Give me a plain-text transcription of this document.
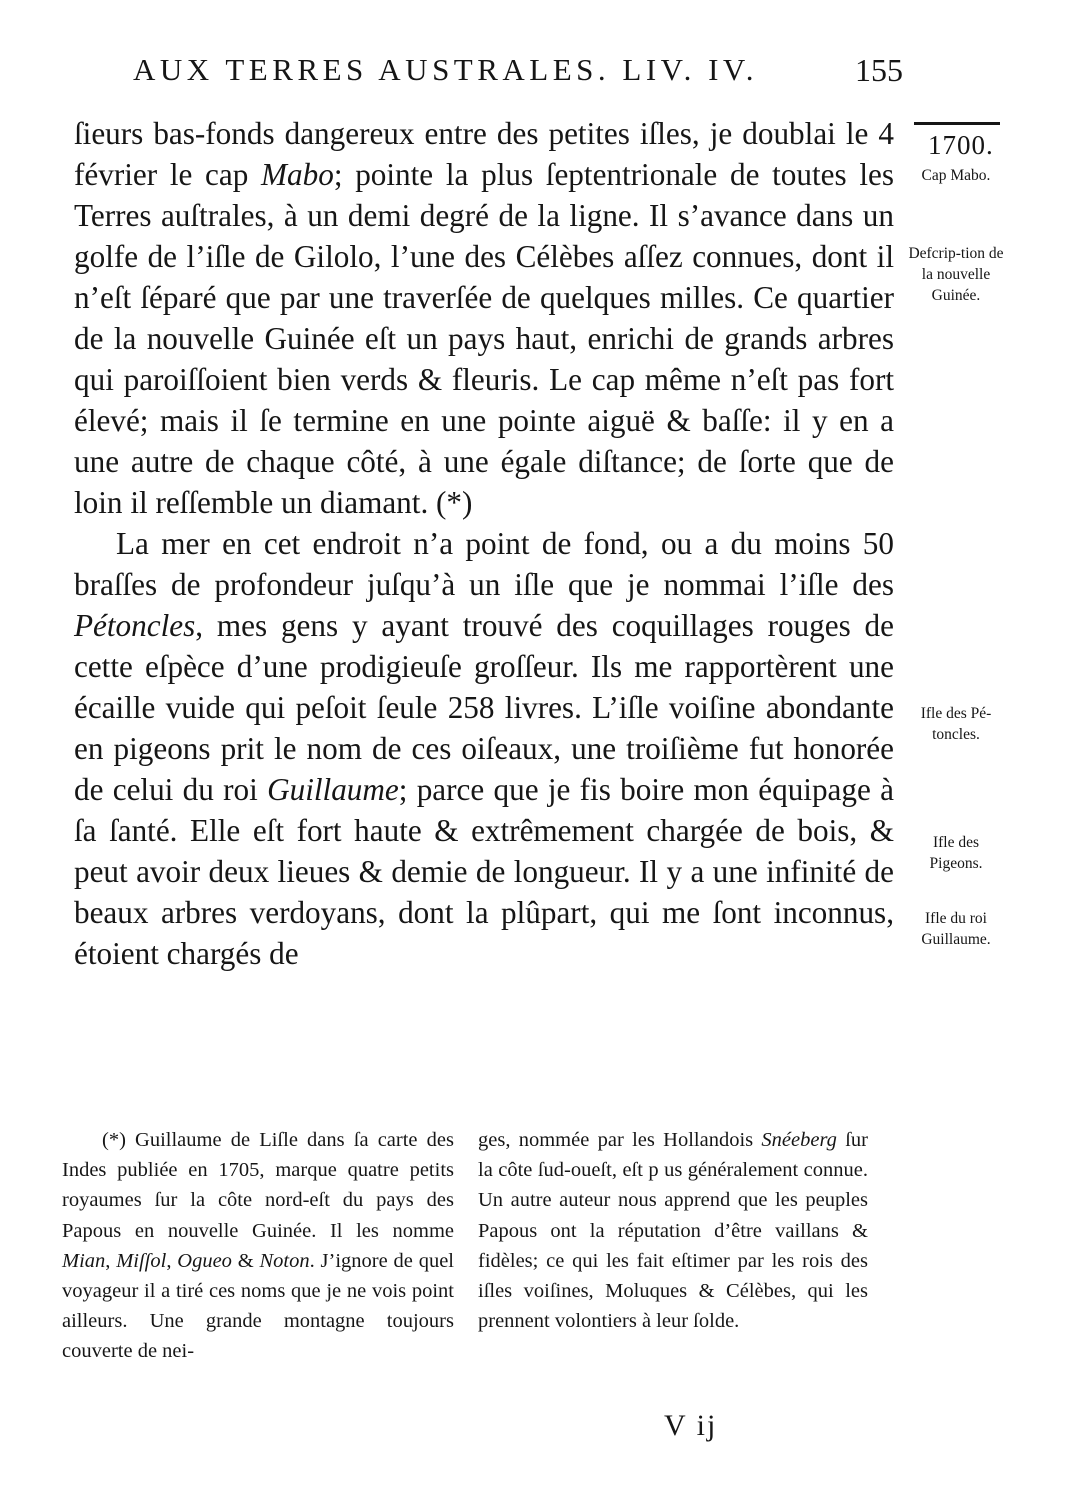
AUX TERRES AUSTRALES. LIV. IV.	155

ſieurs bas-fonds dangereux entre des petites iſles, je doublai le 4 février le cap Mabo; pointe la plus ſeptentrionale de toutes les Terres auſtrales, à un demi degré de la ligne. Il s’avance dans un golfe de l’iſle de Gilolo, l’une des Célèbes aſſez connues, dont il n’eſt ſéparé que par une traverſée de quelques milles. Ce quartier de la nouvelle Guinée eſt un pays haut, enrichi de grands arbres qui paroiſſoient bien verds & fleuris. Le cap même n’eſt pas fort élevé; mais il ſe termine en une pointe aiguë & baſſe: il y en a une autre de chaque côté, à une égale diſtance; de ſorte que de loin il reſſemble un diamant. (*)

La mer en cet endroit n’a point de fond, ou a du moins 50 braſſes de profondeur juſqu’à un iſle que je nommai l’iſle des Pétoncles, mes gens y ayant trouvé des coquillages rouges de cette eſpèce d’une prodigieuſe groſſeur. Ils me rapportèrent une écaille vuide qui peſoit ſeule 258 livres. L’iſle voiſine abondante en pigeons prit le nom de ces oiſeaux, une troiſième fut honorée de celui du roi Guillaume; parce que je fis boire mon équipage à ſa ſanté. Elle eſt fort haute & extrêmement chargée de bois, & peut avoir deux lieues & demie de longueur. Il y a une infinité de beaux arbres verdoyans, dont la plûpart, qui me ſont inconnus, étoient chargés de

1700.
Cap Mabo.
Defcrip-tion de la nouvelle Guinée.
Ifle des Pé-toncles.
Ifle des Pigeons.
Ifle du roi Guillaume.

(*) Guillaume de Liſle dans ſa carte des Indes publiée en 1705, marque quatre petits royaumes ſur la côte nord-eſt du pays des Papous en nouvelle Guinée. Il les nomme Mian, Miſſol, Ogueo & Noton. J’ignore de quel voyageur il a tiré ces noms que je ne vois point ailleurs. Une grande montagne toujours couverte de nei-

ges, nommée par les Hollandois Snéeberg ſur la côte ſud-oueſt, eſt p us généralement connue. Un autre auteur nous apprend que les peuples Papous ont la réputation d’être vaillans & fidèles; ce qui les fait eſtimer par les rois des iſles voiſines, Moluques & Célèbes, qui les prennent volontiers à leur ſolde.

V ij
